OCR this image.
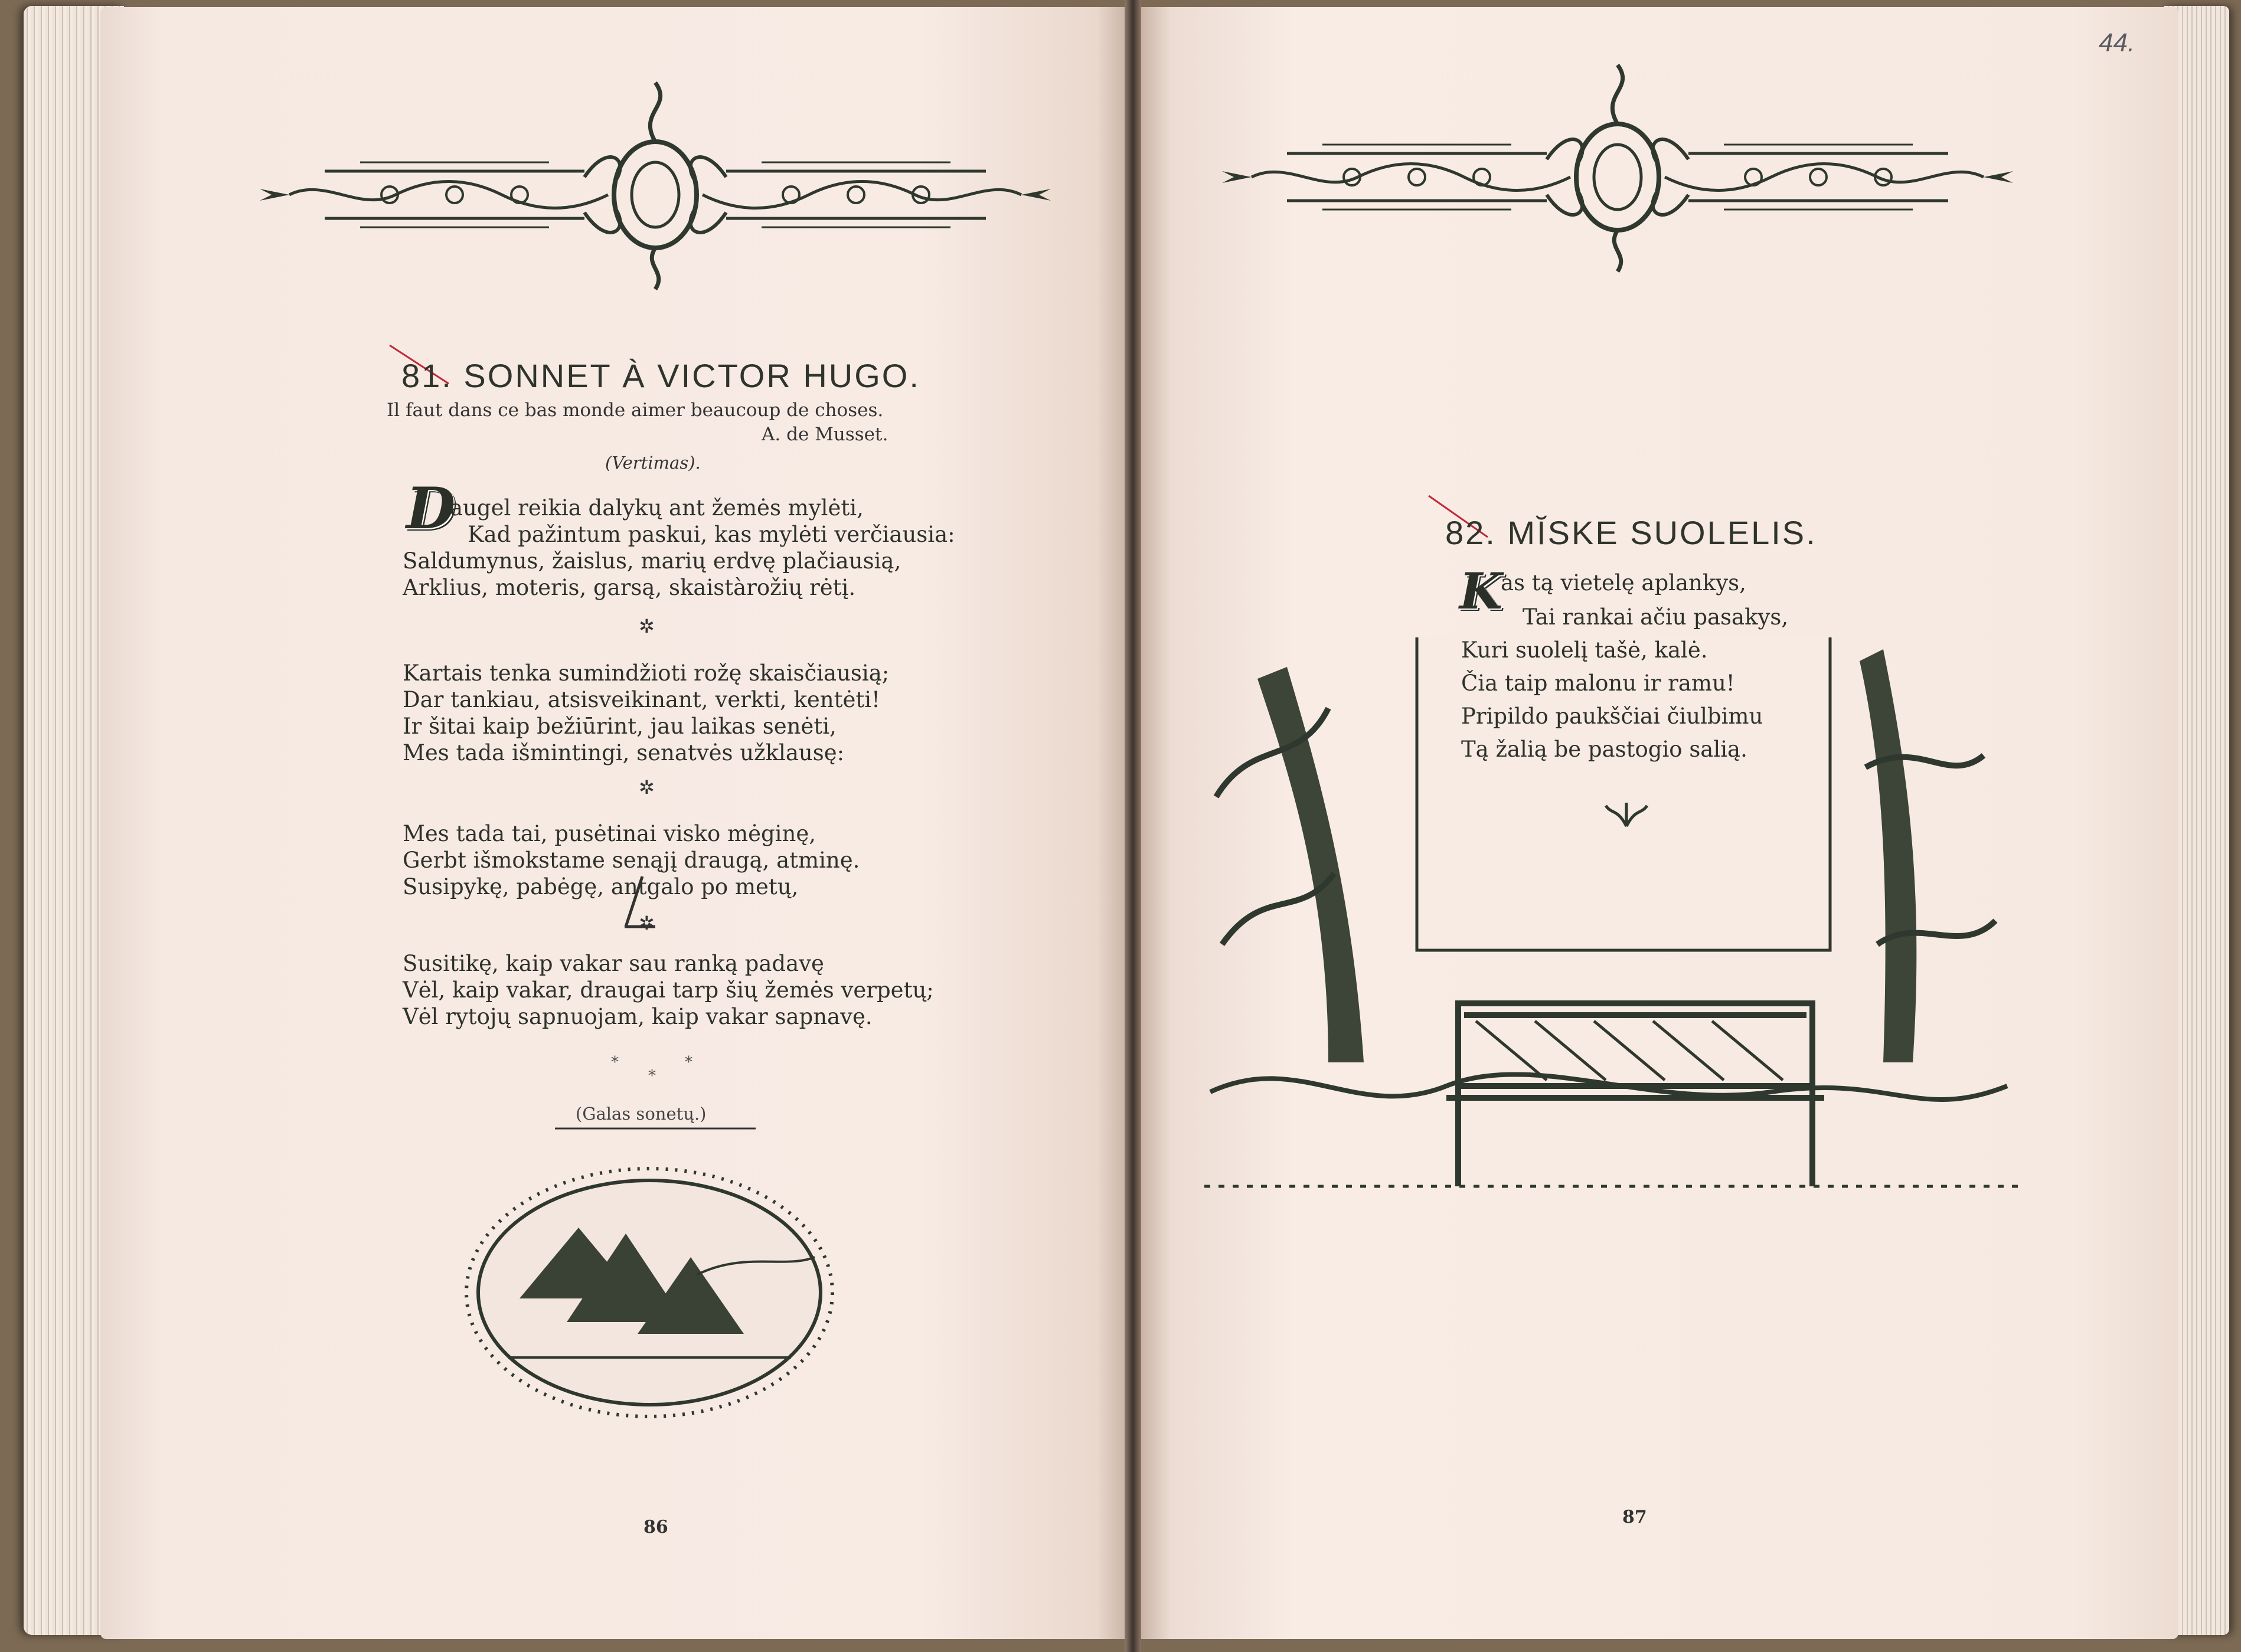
44.
81. SONNET À VICTOR HUGO.
Il faut dans ce bas monde aimer beaucoup de choses.
A. de Musset.
(Vertimas).
D
augel reikia dalykų ant žemės mylėti,
Kad pažintum paskui, kas mylėti verčiausia:
Saldumynus, žaislus, marių erdvę plačiausią,
Arklius, moteris, garsą, skaistàrožių rėtį.
✲
Kartais tenka sumindžioti rožę skaisčiausią;
Dar tankiau, atsisveikinant, verkti, kentėti!
Ir šitai kaip bežiūrint, jau laikas senėti,
Mes tada išmintingi, senatvės užklausę:
✲
Mes tada tai, pusėtinai visko mėginę,
Gerbt išmokstame senąjį draugą, atminę.
Susipykę, pabėgę, antgalo po metų,
✲
Susitikę, kaip vakar sau ranką padavę
Vėl, kaip vakar, draugai tarp šių žemės verpetų;
Vėl rytojų sapnuojam, kaip vakar sapnavę.
*	*
*
(Galas sonetų.)
86
82. MĬSKE SUOLELIS.
K
as tą vietelę aplankys,
Tai rankai ačiu pasakys,
Kuri suolelį tašė, kalė.
Čia taip malonu ir ramu!
Pripildo paukščiai čiulbimu
Tą žalią be pastogio salią.
87
